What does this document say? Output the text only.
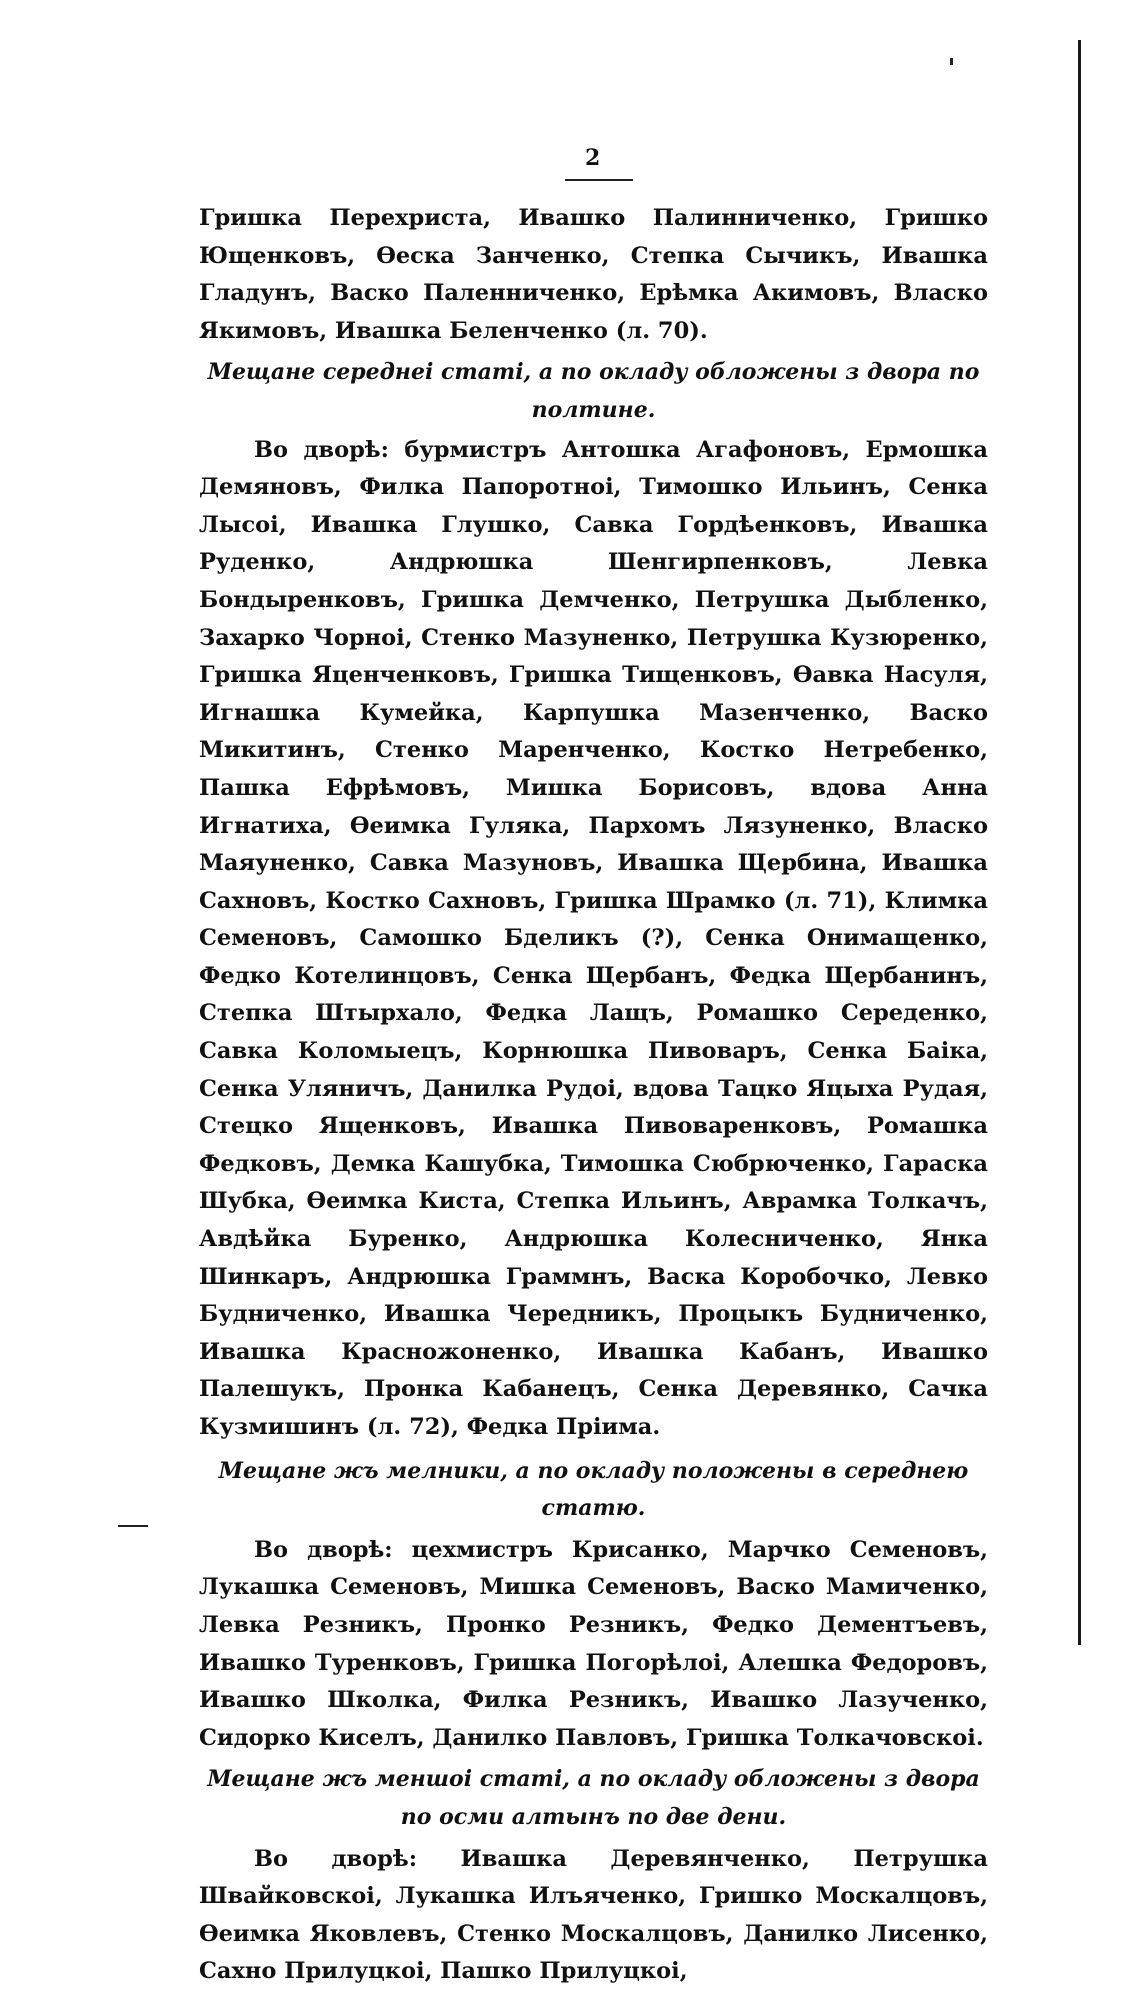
2

Гришка Перехриста, Ивашко Палинниченко, Гришко Ющенковъ, Ѳеска Занченко, Степка Сычикъ, Ивашка Гладунъ, Васко Паленниченко, Ерѣмка Акимовъ, Власко Якимовъ, Ивашка Беленченко (л. 70).

Мещане середнеі статі, а по окладу обложены з двора по полтине.

Во дворѣ: бурмистръ Антошка Агафоновъ, Ермошка Демяновъ, Филка Папоротноі, Тимошко Ильинъ, Сенка Лысоі, Ивашка Глушко, Савка Гордѣенковъ, Ивашка Руденко, Андрюшка Шенгирпенковъ, Левка Бондыренковъ, Гришка Демченко, Петрушка Дыбленко, Захарко Чорноі, Стенко Мазуненко, Петрушка Кузюренко, Гришка Яценченковъ, Гришка Тищенковъ, Ѳавка Насуля, Игнашка Кумейка, Карпушка Мазенченко, Васко Микитинъ, Стенко Маренченко, Костко Нетребенко, Пашка Ефрѣмовъ, Мишка Борисовъ, вдова Анна Игнатиха, Ѳеимка Гуляка, Пархомъ Лязуненко, Власко Маяуненко, Савка Мазуновъ, Ивашка Щербина, Ивашка Сахновъ, Костко Сахновъ, Гришка Шрамко (л. 71), Климка Семеновъ, Самошко Бделикъ (?), Сенка Онимащенко, Федко Котелинцовъ, Сенка Щербанъ, Федка Щербанинъ, Степка Штырхало, Федка Лащъ, Ромашко Середенко, Савка Коломыецъ, Корнюшка Пивоваръ, Сенка Баіка, Сенка Уляничъ, Данилка Рудоі, вдова Тацко Яцыха Рудая, Стецко Ященковъ, Ивашка Пивоваренковъ, Ромашка Федковъ, Демка Кашубка, Тимошка Сюбрюченко, Гараска Шубка, Ѳеимка Киста, Степка Ильинъ, Аврамка Толкачъ, Авдѣйка Буренко, Андрюшка Колесниченко, Янка Шинкаръ, Андрюшка Граммнъ, Васка Коробочко, Левко Будниченко, Ивашка Чередникъ, Процыкъ Будниченко, Ивашка Красножоненко, Ивашка Кабанъ, Ивашко Палешукъ, Пронка Кабанецъ, Сенка Деревянко, Сачка Кузмишинъ (л. 72), Федка Пріима.

Мещане жъ мелники, а по окладу положены в середнею статю.

Во дворѣ: цехмистръ Крисанко, Марчко Семеновъ, Лукашка Семеновъ, Мишка Семеновъ, Васко Мамиченко, Левка Резникъ, Пронко Резникъ, Федко Дементъевъ, Ивашко Туренковъ, Гришка Погорѣлоі, Алешка Федоровъ, Ивашко Школка, Филка Резникъ, Ивашко Лазученко, Сидорко Киселъ, Данилко Павловъ, Гришка Толкачовскоі.

Мещане жъ меншоі статі, а по окладу обложены з двора по осми алтынъ по две дени.

Во дворѣ: Ивашка Деревянченко, Петрушка Швайковскоі, Лукашка Илъяченко, Гришко Москалцовъ, Ѳеимка Яковлевъ, Стенко Москалцовъ, Данилко Лисенко, Сахно Прилуцкоі, Пашко Прилуцкоі,
